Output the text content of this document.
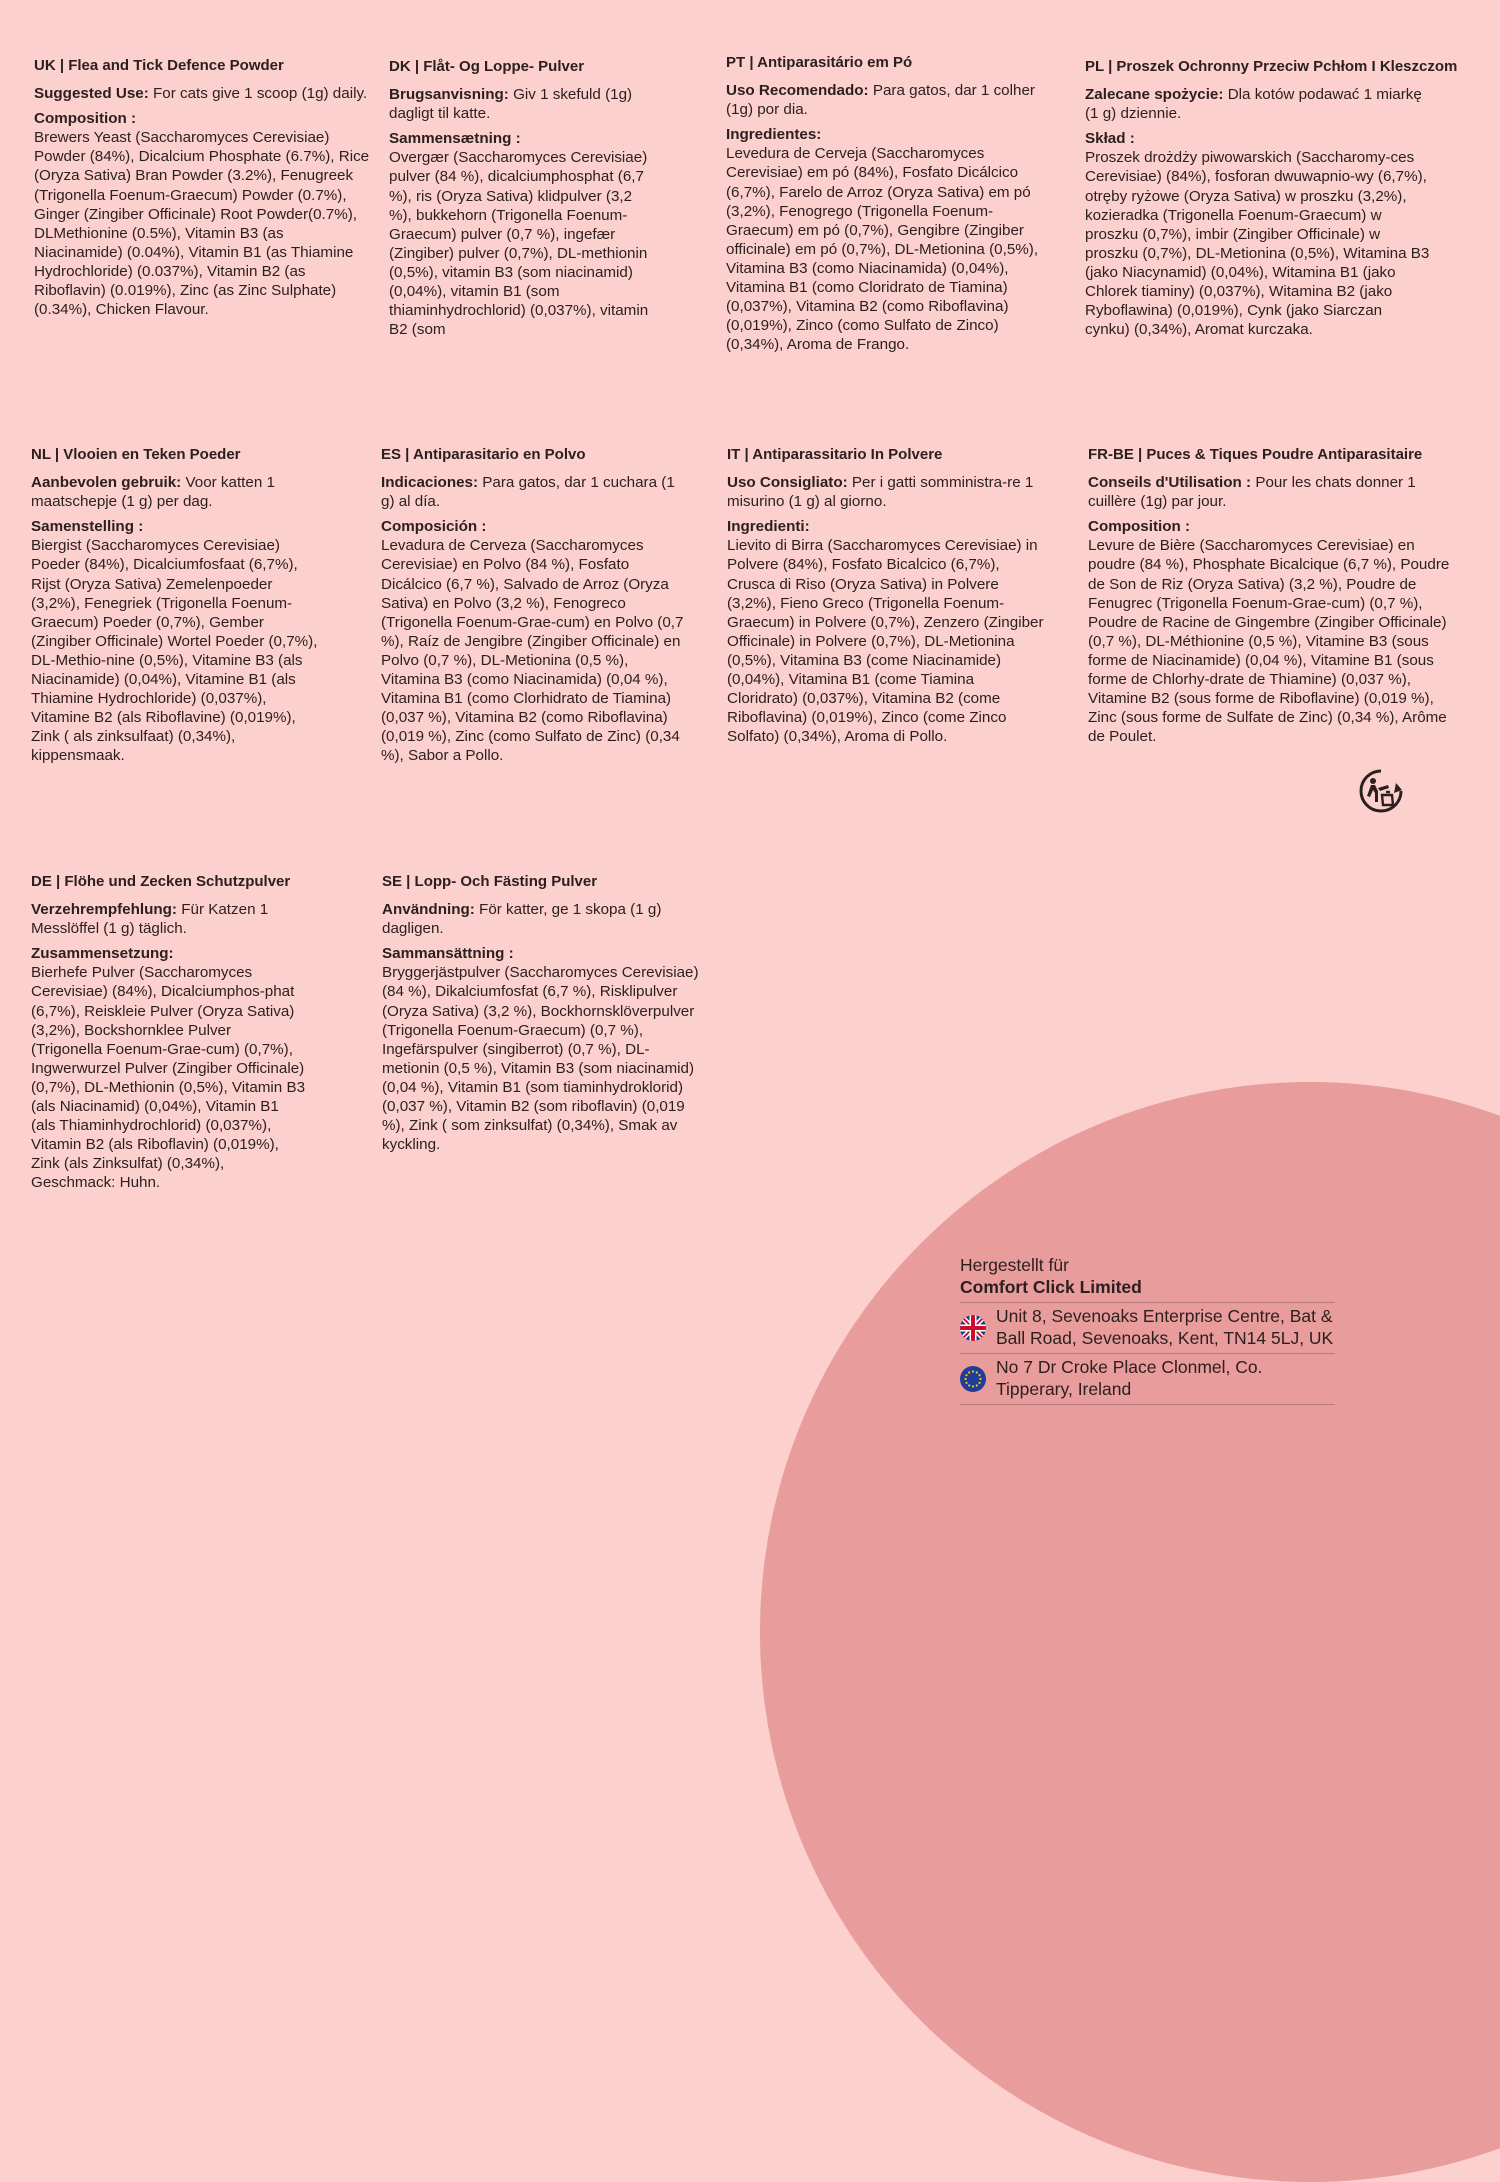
UK | Flea and Tick Defence Powder
Suggested Use: For cats give 1 scoop (1g) daily.
Composition :

Brewers Yeast (Saccharomyces Cerevisiae) Powder (84%), Dicalcium Phosphate (6.7%), Rice (Oryza Sativa) Bran Powder (3.2%), Fenugreek (Trigonella Foenum-Graecum) Powder (0.7%), Ginger (Zingiber Officinale) Root Powder(0.7%), DLMethionine (0.5%), Vitamin B3 (as Niacinamide) (0.04%), Vitamin B1 (as Thiamine Hydrochloride) (0.037%), Vitamin B2 (as Riboflavin) (0.019%), Zinc (as Zinc Sulphate) (0.34%), Chicken Flavour.

DK | Flåt- Og Loppe- Pulver
Brugsanvisning: Giv 1 skefuld (1g) dagligt til katte.
Sammensætning :

Overgær (Saccharomyces Cerevisiae) pulver (84 %), dicalciumphosphat (6,7 %), ris (Oryza Sativa) klidpulver (3,2 %), bukkehorn (Trigonella Foenum-Graecum) pulver (0,7 %), ingefær (Zingiber) pulver (0,7%), DL-methionin (0,5%), vitamin B3 (som niacinamid) (0,04%), vitamin B1 (som thiaminhydrochlorid) (0,037%), vitamin B2 (som

PT | Antiparasitário em Pó
Uso Recomendado: Para gatos, dar 1 colher (1g) por dia.
Ingredientes:

Levedura de Cerveja (Saccharomyces Cerevisiae) em pó (84%), Fosfato Dicálcico (6,7%), Farelo de Arroz (Oryza Sativa) em pó (3,2%), Fenogrego (Trigonella Foenum-Graecum) em pó (0,7%), Gengibre (Zingiber officinale) em pó (0,7%), DL-Metionina (0,5%), Vitamina B3 (como Niacinamida) (0,04%), Vitamina B1 (como Cloridrato de Tiamina) (0,037%), Vitamina B2 (como Riboflavina) (0,019%), Zinco (como Sulfato de Zinco) (0,34%), Aroma de Frango.

PL | Proszek Ochronny Przeciw Pchłom I Kleszczom
Zalecane spożycie: Dla kotów podawać 1 miarkę (1 g) dziennie.
Skład :

Proszek drożdży piwowarskich (Saccharomy-ces Cerevisiae) (84%), fosforan dwuwapnio-wy (6,7%), otręby ryżowe (Oryza Sativa) w proszku (3,2%), kozieradka (Trigonella Foenum-Graecum) w proszku (0,7%), imbir (Zingiber Officinale) w proszku (0,7%), DL-Metionina (0,5%), Witamina B3 (jako Niacynamid) (0,04%), Witamina B1 (jako Chlorek tiaminy) (0,037%), Witamina B2 (jako Ryboflawina) (0,019%), Cynk (jako Siarczan cynku) (0,34%), Aromat kurczaka.

NL | Vlooien en Teken Poeder
Aanbevolen gebruik: Voor katten 1 maatschepje (1 g) per dag.
Samenstelling :

Biergist (Saccharomyces Cerevisiae) Poeder (84%), Dicalciumfosfaat (6,7%), Rijst (Oryza Sativa) Zemelenpoeder (3,2%), Fenegriek (Trigonella Foenum-Graecum) Poeder (0,7%), Gember (Zingiber Officinale) Wortel Poeder (0,7%), DL-Methio-nine (0,5%), Vitamine B3 (als Niacinamide) (0,04%), Vitamine B1 (als Thiamine Hydrochloride) (0,037%), Vitamine B2 (als Riboflavine) (0,019%), Zink ( als zinksulfaat) (0,34%), kippensmaak.

ES | Antiparasitario en Polvo
Indicaciones: Para gatos, dar 1 cuchara (1 g) al día.
Composición :

Levadura de Cerveza (Saccharomyces Cerevisiae) en Polvo (84 %), Fosfato Dicálcico (6,7 %), Salvado de Arroz (Oryza Sativa) en Polvo (3,2 %), Fenogreco (Trigonella Foenum-Grae-cum) en Polvo (0,7 %), Raíz de Jengibre (Zingiber Officinale) en Polvo (0,7 %), DL-Metionina (0,5 %), Vitamina B3 (como Niacinamida) (0,04 %), Vitamina B1 (como Clorhidrato de Tiamina) (0,037 %), Vitamina B2 (como Riboflavina) (0,019 %), Zinc (como Sulfato de Zinc) (0,34 %), Sabor a Pollo.

IT | Antiparassitario In Polvere
Uso Consigliato: Per i gatti somministra-re 1 misurino (1 g) al giorno.
Ingredienti:

Lievito di Birra (Saccharomyces Cerevisiae) in Polvere (84%), Fosfato Bicalcico (6,7%), Crusca di Riso (Oryza Sativa) in Polvere (3,2%), Fieno Greco (Trigonella Foenum-Graecum) in Polvere (0,7%), Zenzero (Zingiber Officinale) in Polvere (0,7%), DL-Metionina (0,5%), Vitamina B3 (come Niacinamide) (0,04%), Vitamina B1 (come Tiamina Cloridrato) (0,037%), Vitamina B2 (come Riboflavina) (0,019%), Zinco (come Zinco Solfato) (0,34%), Aroma di Pollo.

FR-BE | Puces & Tiques Poudre Antiparasitaire
Conseils d'Utilisation : Pour les chats donner 1 cuillère (1g) par jour.
Composition :

Levure de Bière (Saccharomyces Cerevisiae) en poudre (84 %), Phosphate Bicalcique (6,7 %), Poudre de Son de Riz (Oryza Sativa) (3,2 %), Poudre de Fenugrec (Trigonella Foenum-Grae-cum) (0,7 %), Poudre de Racine de Gingembre (Zingiber Officinale) (0,7 %), DL-Méthionine (0,5 %), Vitamine B3 (sous forme de Niacinamide) (0,04 %), Vitamine B1 (sous forme de Chlorhy-drate de Thiamine) (0,037 %), Vitamine B2 (sous forme de Riboflavine) (0,019 %), Zinc (sous forme de Sulfate de Zinc) (0,34 %), Arôme de Poulet.

DE | Flöhe und Zecken Schutzpulver
Verzehrempfehlung: Für Katzen 1 Messlöffel (1 g) täglich.
Zusammensetzung:

Bierhefe Pulver (Saccharomyces Cerevisiae) (84%), Dicalciumphos-phat (6,7%), Reiskleie Pulver (Oryza Sativa) (3,2%), Bockshornklee Pulver (Trigonella Foenum-Grae-cum) (0,7%), Ingwerwurzel Pulver (Zingiber Officinale) (0,7%), DL-Methionin (0,5%), Vitamin B3 (als Niacinamid) (0,04%), Vitamin B1 (als Thiaminhydrochlorid) (0,037%), Vitamin B2 (als Riboflavin) (0,019%), Zink (als Zinksulfat) (0,34%), Geschmack: Huhn.

SE | Lopp- Och Fästing Pulver
Användning: För katter, ge 1 skopa (1 g) dagligen.
Sammansättning :

Bryggerjästpulver (Saccharomyces Cerevisiae) (84 %), Dikalciumfosfat (6,7 %), Risklipulver (Oryza Sativa) (3,2 %), Bockhornsklöverpulver (Trigonella Foenum-Graecum) (0,7 %), Ingefärspulver (singiberrot) (0,7 %), DL-metionin (0,5 %), Vitamin B3 (som niacinamid) (0,04 %), Vitamin B1 (som tiaminhydroklorid) (0,037 %), Vitamin B2 (som riboflavin) (0,019 %), Zink ( som zinksulfat) (0,34%), Smak av kyckling.

Hergestellt für

Comfort Click Limited

Unit 8, Sevenoaks Enterprise Centre, Bat & Ball Road, Sevenoaks, Kent, TN14 5LJ, UK
No 7 Dr Croke Place Clonmel, Co. Tipperary, Ireland
